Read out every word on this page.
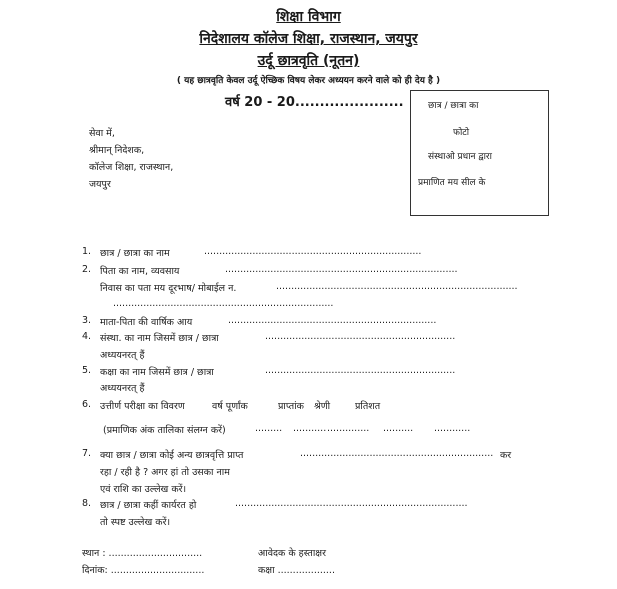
शिक्षा विभाग
निदेशालय कॉलेज शिक्षा, राजस्थान, जयपुर
उर्दू छात्रवृति (नूतन)
( यह छात्रवृति केवल उर्दू ऐच्छिक विषय लेकर अध्ययन करने वाले को ही देय है )
वर्ष 20 - 20......................	छात्र / छात्रा का
फोटो
संस्थाओ प्रधान द्वारा
प्रमाणित मय सील के
सेवा में,
श्रीमान् निदेशक,
कॉलेज शिक्षा, राजस्थान,
जयपुर
1. छात्र / छात्रा का नाम	........................................................................
2. पिता का नाम, व्यवसाय	.............................................................................
निवास का पता मय दूरभाष/ मोबाईल न.	................................................................................
.........................................................................
3. माता-पिता की वार्षिक आय	.....................................................................
4. संस्था. का नाम जिसमें छात्र / छात्रा	...............................................................
अध्ययनरत् हैं
5. कक्षा का नाम जिसमें छात्र / छात्रा	...............................................................
अध्ययनरत् हैं
6. उत्तीर्ण परीक्षा का विवरण	वर्ष पूर्णांक	प्राप्तांक श्रेणी	प्रतिशत
(प्रमाणिक अंक तालिका संलग्न करें)	......... ........... .............. .......... ............
7. क्या छात्र / छात्रा कोई अन्य छात्रवृत्ति प्राप्त	................................................................ कर
रहा / रही है ? अगर हां तो उसका नाम
एवं राशि का उल्लेख करें।
8. छात्र / छात्रा कहीं कार्यरत हो	.............................................................................
तो स्पष्ट उल्लेख करें।
स्थान : ...............................	आवेदक के हस्ताक्षर
दिनांक: ...............................	कक्षा ...................
